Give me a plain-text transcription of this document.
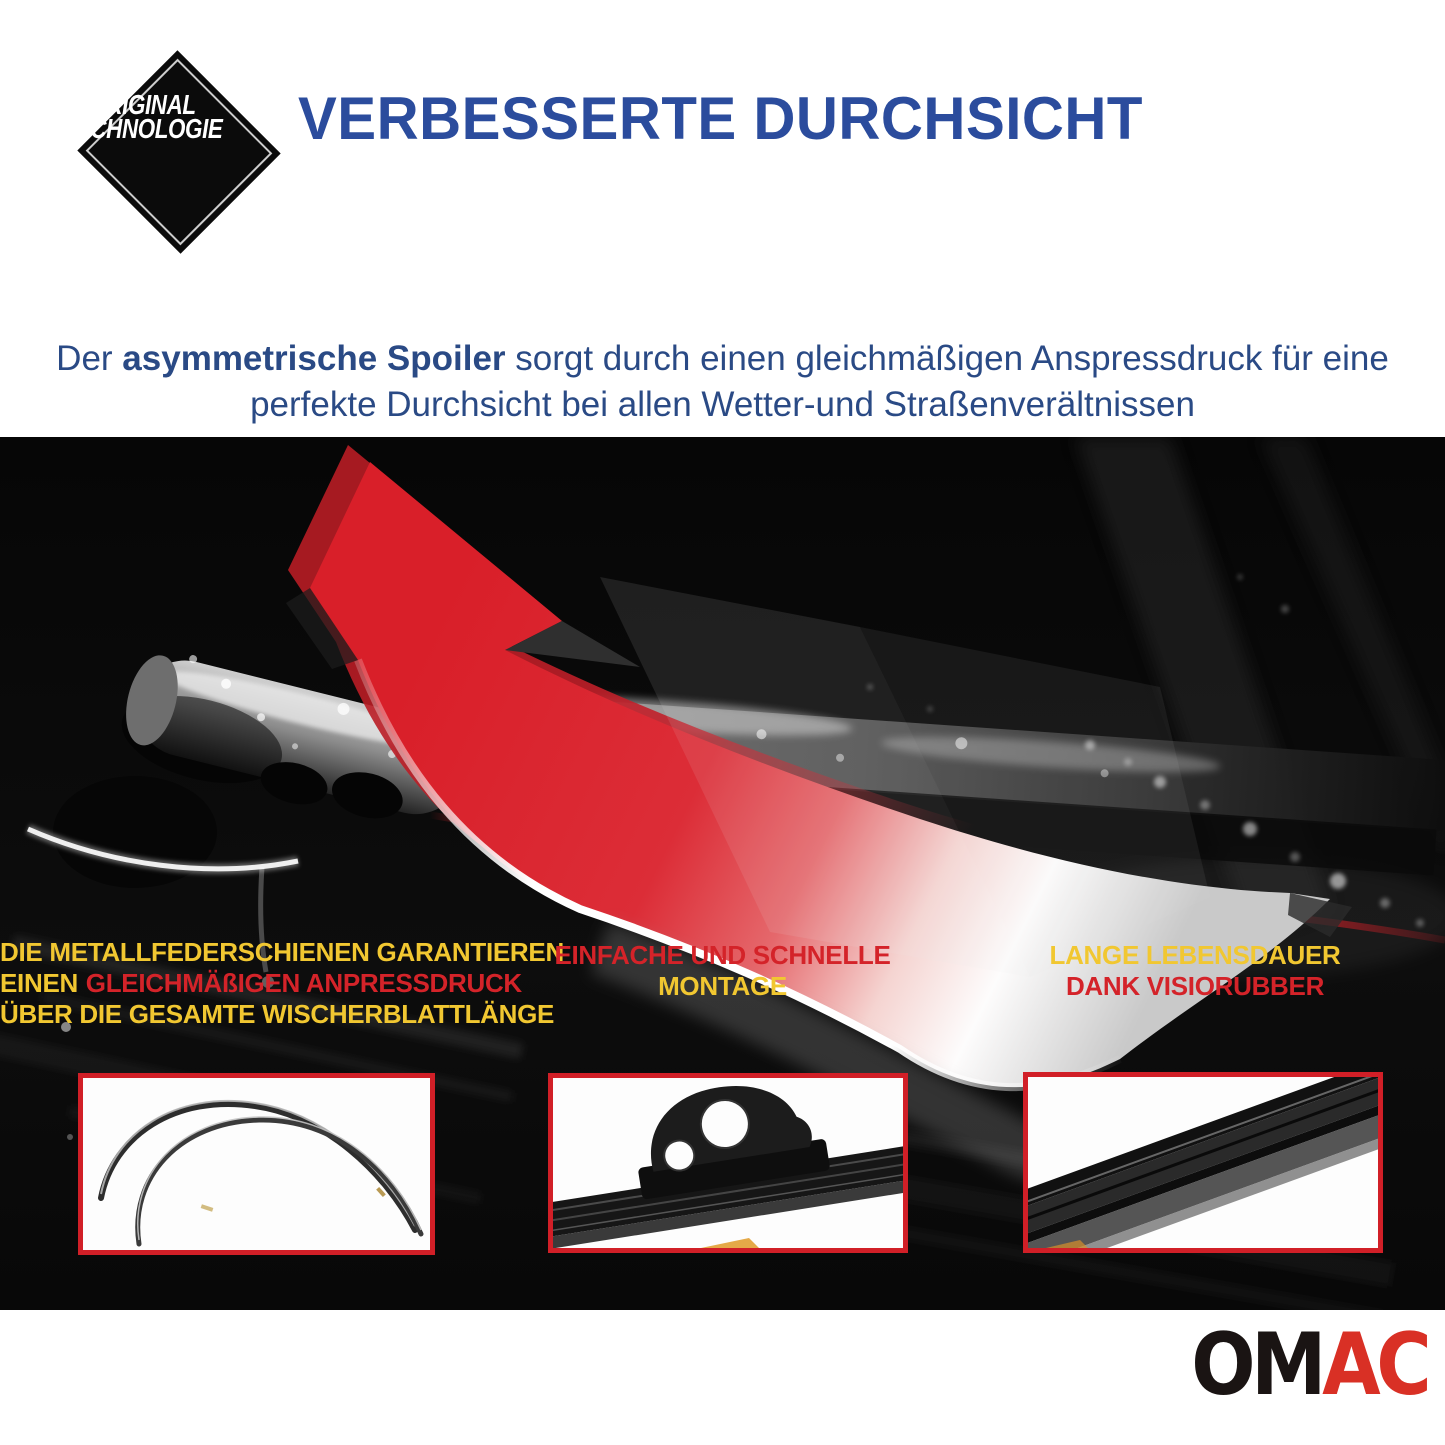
ORIGINAL
TECHNOLOGIE VERBESSERTE DURCHSICHT

Der asymmetrische Spoiler sorgt durch einen gleichmäßigen Anspressdruck für eine
perfekte Durchsicht bei allen Wetter-und Straßenverältnissen

DIE METALLFEDERSCHIENEN GARANTIEREN
EINEN GLEICHMÄßIGEN ANPRESSDRUCK
ÜBER DIE GESAMTE WISCHERBLATTLÄNGE
EINFACHE UND SCHNELLE
MONTAGE
LANGE LEBENSDAUER
DANK VISIORUBBER
OMAC
